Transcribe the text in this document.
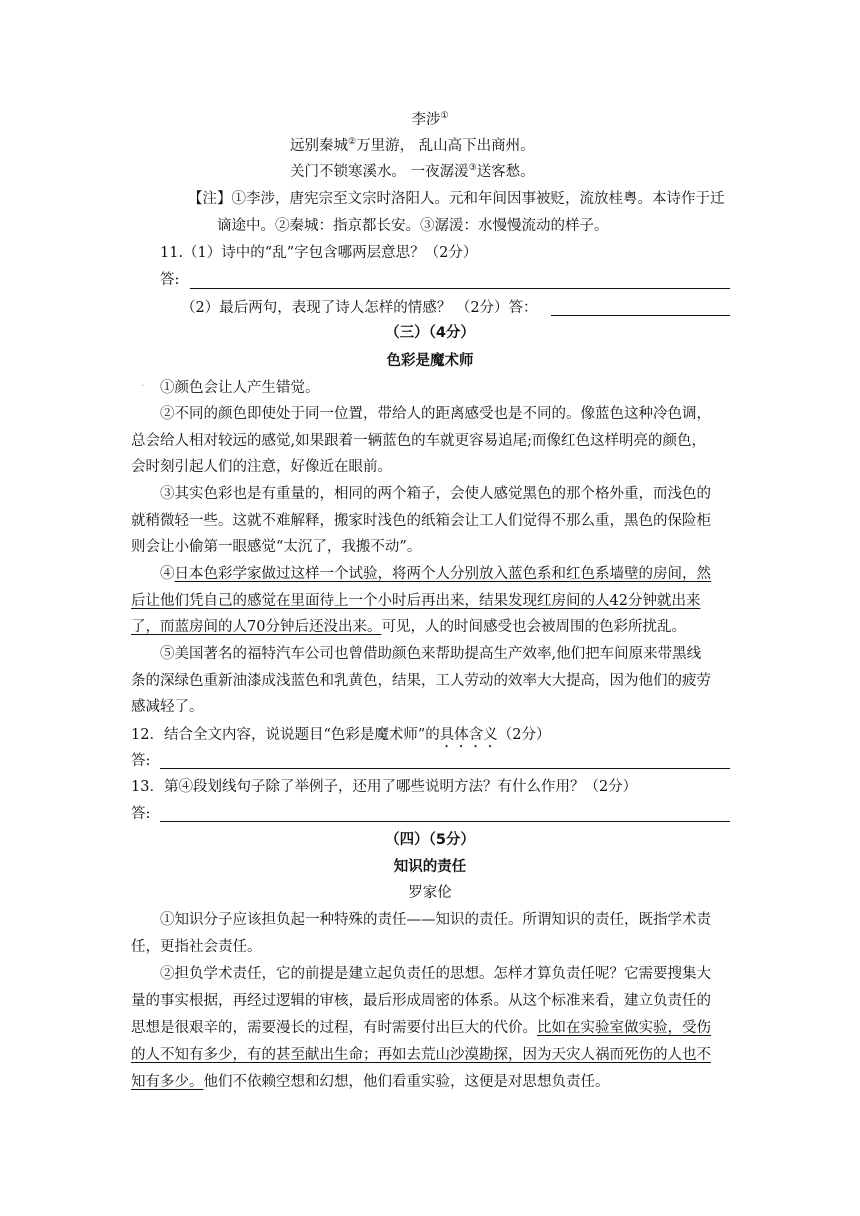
李涉①
远别秦城②万里游， 乱山高下出商州。
关门不锁寒溪水。 一夜潺湲③送客愁。
【注】①李涉，唐宪宗至文宗时洛阳人。元和年间因事被贬，流放桂粤。本诗作于迁
谪途中。②秦城：指京都长安。③潺湲：水慢慢流动的样子。
11.（1）诗中的“乱”字包含哪两层意思？（2分）
答:
（2）最后两句，表现了诗人怎样的情感？ （2分）答：
（三）（4分）
色彩是魔术师
. ①颜色会让人产生错觉。
②不同的颜色即使处于同一位置，带给人的距离感受也是不同的。像蓝色这种冷色调，
总会给人相对较远的感觉,如果跟着一辆蓝色的车就更容易追尾;而像红色这样明亮的颜色，
会时刻引起人们的注意，好像近在眼前。
③其实色彩也是有重量的，相同的两个箱子，会使人感觉黑色的那个格外重，而浅色的
就稍微轻一些。这就不难解释，搬家时浅色的纸箱会让工人们觉得不那么重，黑色的保险柜
则会让小偷第一眼感觉“太沉了，我搬不动”。
④日本色彩学家做过这样一个试验，将两个人分别放入蓝色系和红色系墙壁的房间，然
后让他们凭自己的感觉在里面待上一个小时后再出来，结果发现红房间的人42分钟就出来
了，而蓝房间的人70分钟后还没出来。可见，人的时间感受也会被周围的色彩所扰乱。
⑤美国著名的福特汽车公司也曾借助颜色来帮助提高生产效率,他们把车间原来带黑线
条的深绿色重新油漆成浅蓝色和乳黄色，结果，工人劳动的效率大大提高，因为他们的疲劳
感减轻了。
12．结合全文内容，说说题目“色彩是魔术师”的具体含义（2分）
答:
13．第④段划线句子除了举例子，还用了哪些说明方法？有什么作用？（2分）
答:
（四）（5分）
知识的责任
罗家伦
①知识分子应该担负起一种特殊的责任——知识的责任。所谓知识的责任，既指学术责
任，更指社会责任。
②担负学术责任，它的前提是建立起负责任的思想。怎样才算负责任呢？它需要搜集大
量的事实根据，再经过逻辑的审核，最后形成周密的体系。从这个标准来看，建立负责任的
思想是很艰辛的，需要漫长的过程，有时需要付出巨大的代价。比如在实验室做实验，受伤
的人不知有多少，有的甚至献出生命；再如去荒山沙漠勘探，因为天灾人祸而死伤的人也不
知有多少。他们不依赖空想和幻想，他们看重实验，这便是对思想负责任。
